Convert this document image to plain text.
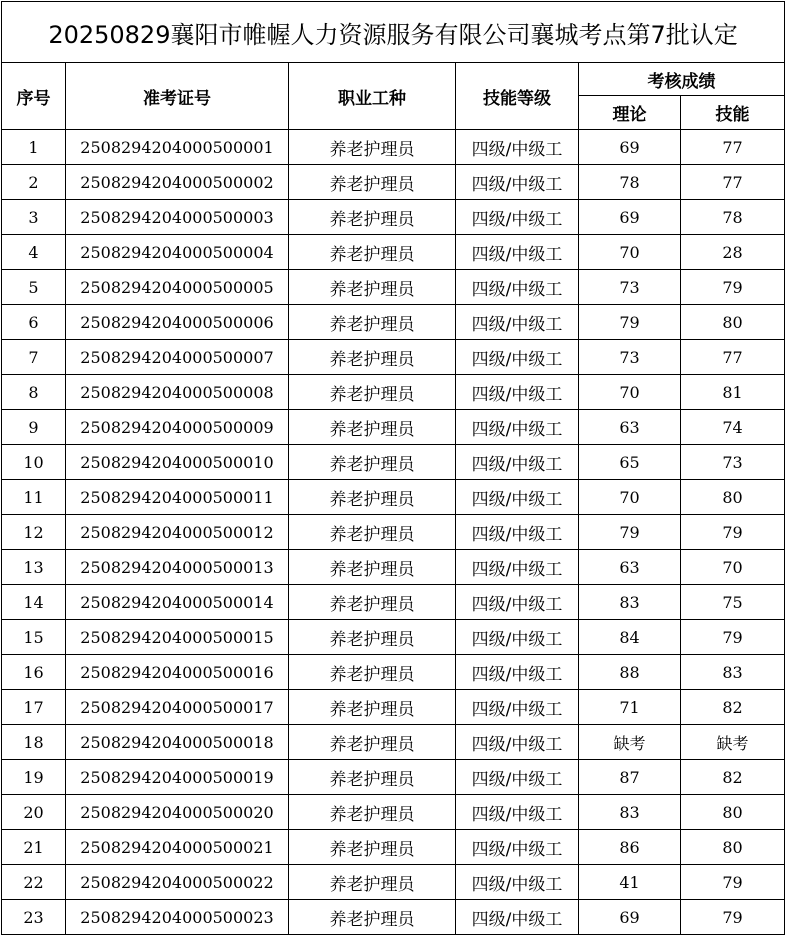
20250829襄阳市帷幄人力资源服务有限公司襄城考点第7批认定					
序号	准考证号	职业工种	技能等级	考核成绩	
				理论	技能
1	2508294204000500001	养老护理员	四级/中级工	69	77
2	2508294204000500002	养老护理员	四级/中级工	78	77
3	2508294204000500003	养老护理员	四级/中级工	69	78
4	2508294204000500004	养老护理员	四级/中级工	70	28
5	2508294204000500005	养老护理员	四级/中级工	73	79
6	2508294204000500006	养老护理员	四级/中级工	79	80
7	2508294204000500007	养老护理员	四级/中级工	73	77
8	2508294204000500008	养老护理员	四级/中级工	70	81
9	2508294204000500009	养老护理员	四级/中级工	63	74
10	2508294204000500010	养老护理员	四级/中级工	65	73
11	2508294204000500011	养老护理员	四级/中级工	70	80
12	2508294204000500012	养老护理员	四级/中级工	79	79
13	2508294204000500013	养老护理员	四级/中级工	63	70
14	2508294204000500014	养老护理员	四级/中级工	83	75
15	2508294204000500015	养老护理员	四级/中级工	84	79
16	2508294204000500016	养老护理员	四级/中级工	88	83
17	2508294204000500017	养老护理员	四级/中级工	71	82
18	2508294204000500018	养老护理员	四级/中级工	缺考	缺考
19	2508294204000500019	养老护理员	四级/中级工	87	82
20	2508294204000500020	养老护理员	四级/中级工	83	80
21	2508294204000500021	养老护理员	四级/中级工	86	80
22	2508294204000500022	养老护理员	四级/中级工	41	79
23	2508294204000500023	养老护理员	四级/中级工	69	79
